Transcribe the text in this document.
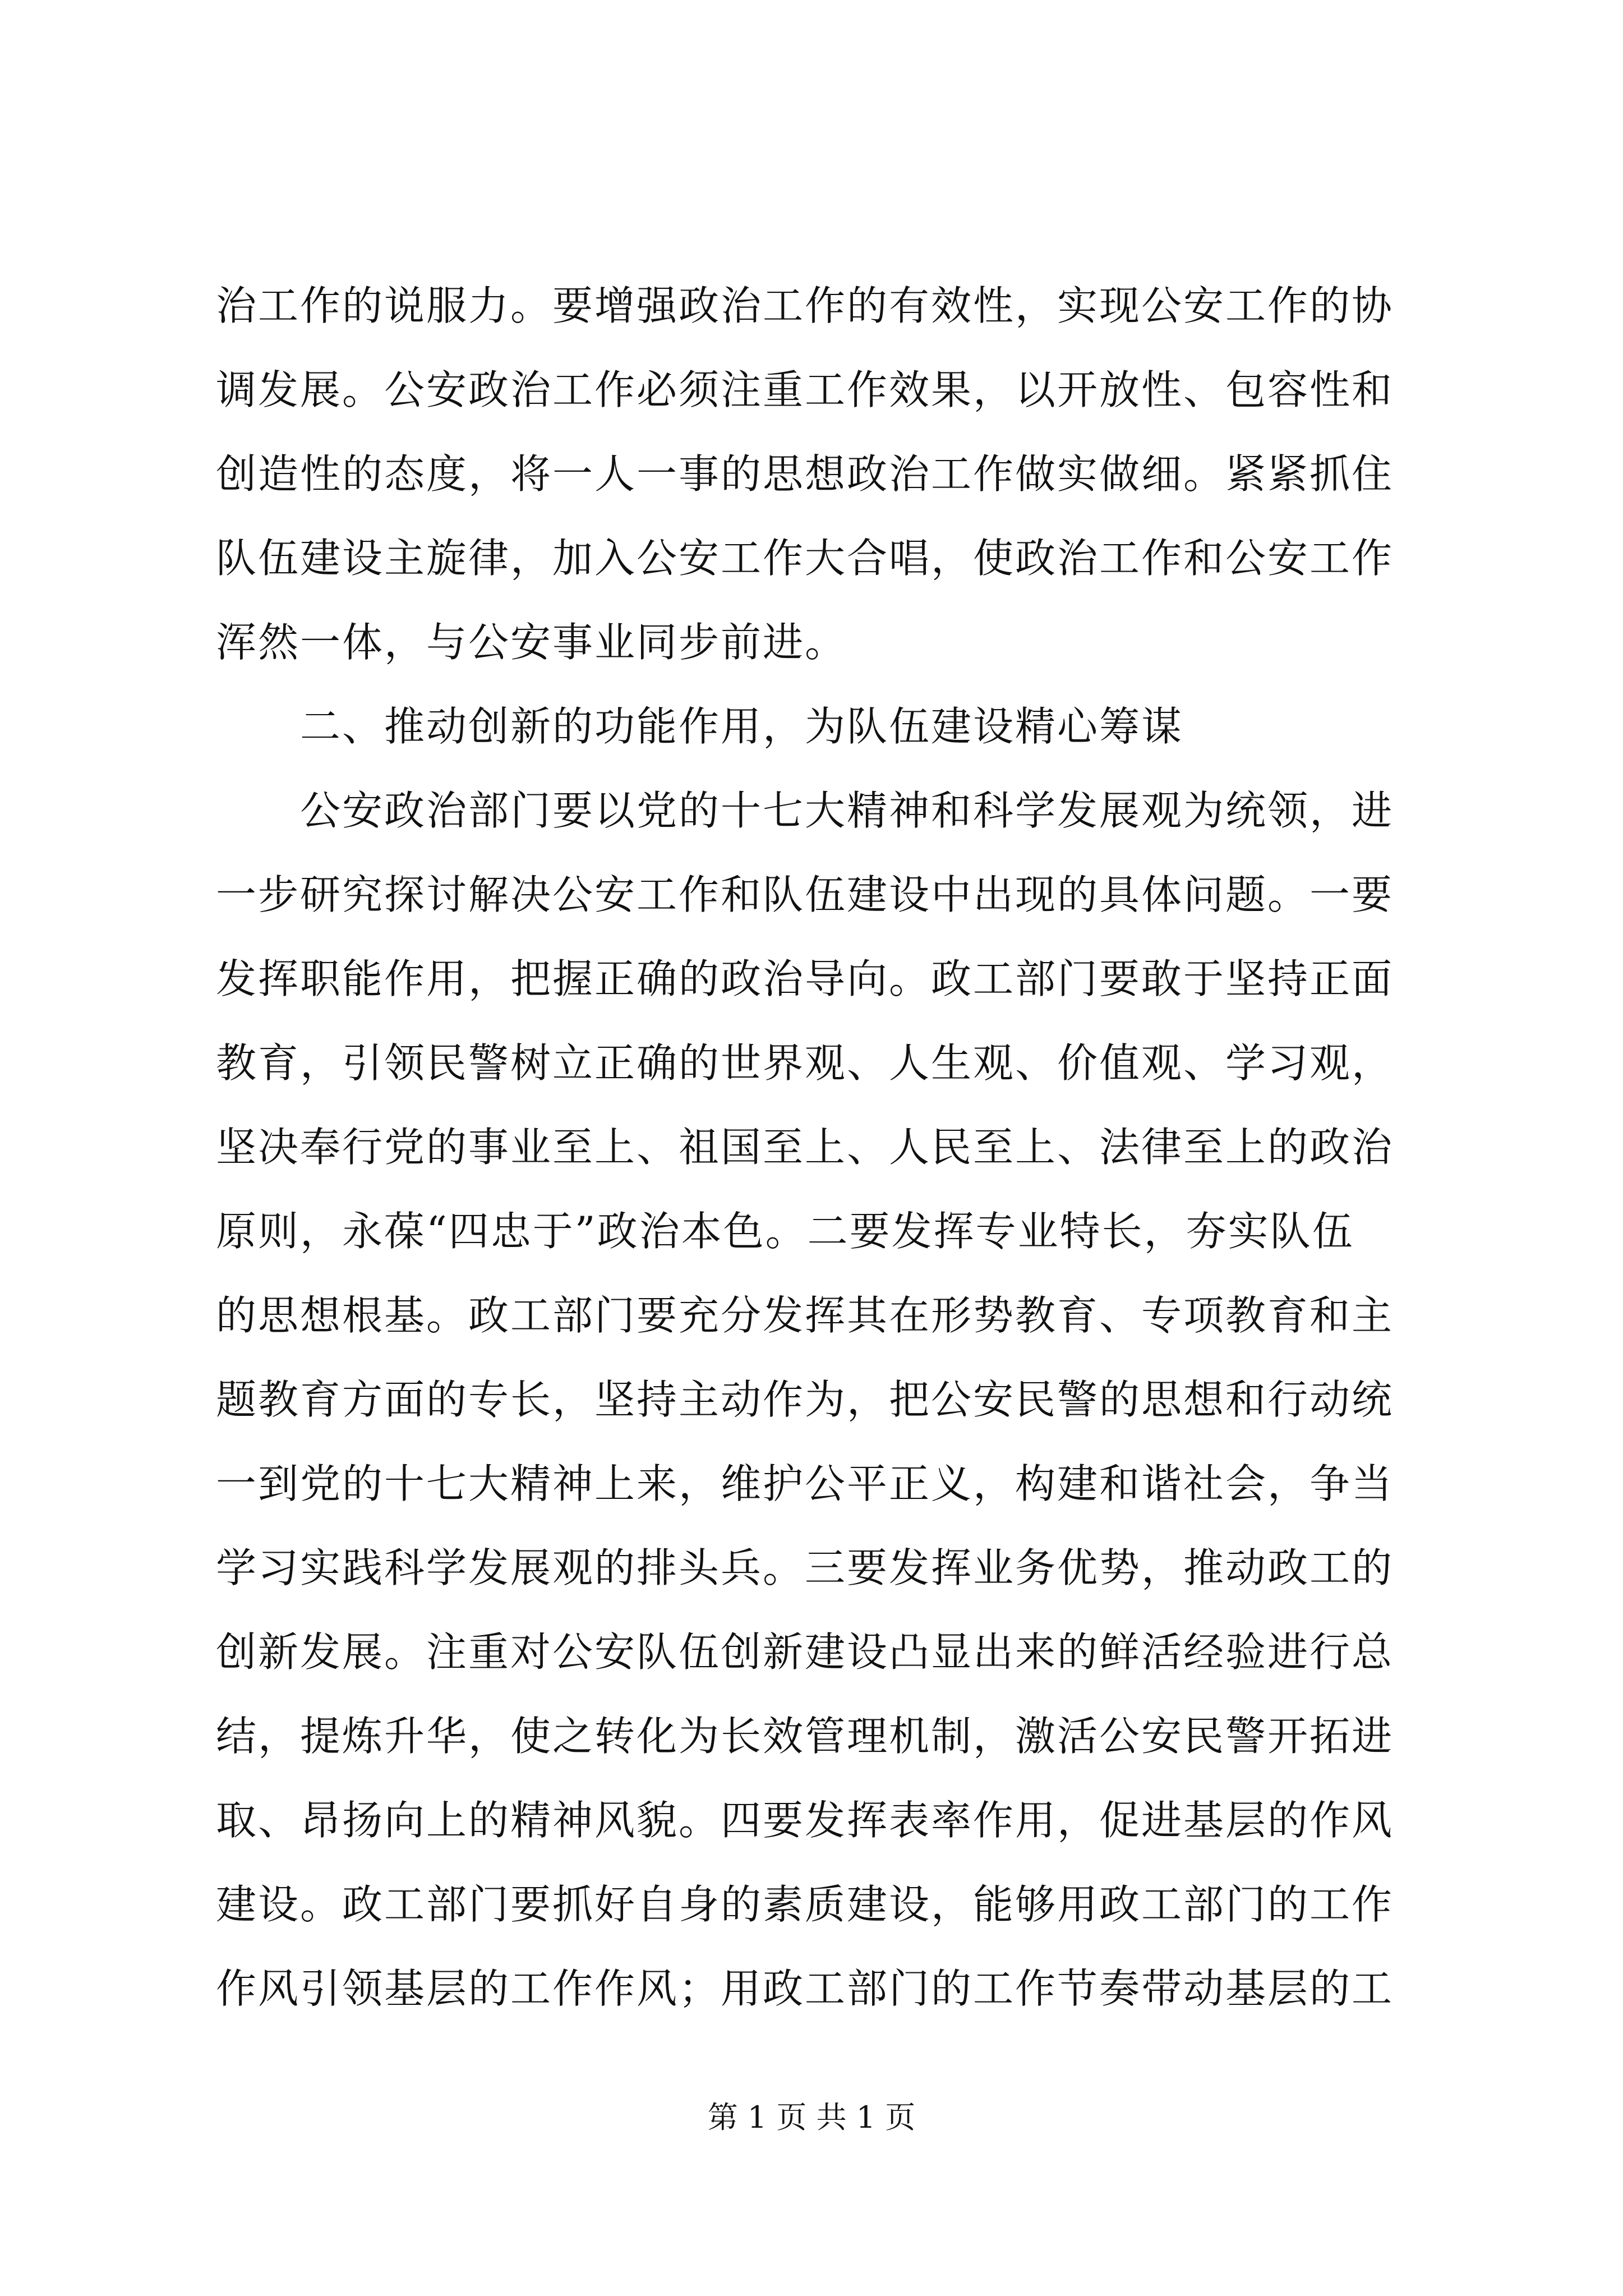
治工作的说服力。要增强政治工作的有效性，实现公安工作的协
调发展。公安政治工作必须注重工作效果，以开放性、包容性和
创造性的态度，将一人一事的思想政治工作做实做细。紧紧抓住
队伍建设主旋律，加入公安工作大合唱，使政治工作和公安工作
浑然一体，与公安事业同步前进。
二、推动创新的功能作用，为队伍建设精心筹谋
　　公安政治部门要以党的十七大精神和科学发展观为统领，进
一步研究探讨解决公安工作和队伍建设中出现的具体问题。一要
发挥职能作用，把握正确的政治导向。政工部门要敢于坚持正面
教育，引领民警树立正确的世界观、人生观、价值观、学习观，
坚决奉行党的事业至上、祖国至上、人民至上、法律至上的政治
原则，永葆“四忠于”政治本色。二要发挥专业特长，夯实队伍
的思想根基。政工部门要充分发挥其在形势教育、专项教育和主
题教育方面的专长，坚持主动作为，把公安民警的思想和行动统
一到党的十七大精神上来，维护公平正义，构建和谐社会，争当
学习实践科学发展观的排头兵。三要发挥业务优势，推动政工的
创新发展。注重对公安队伍创新建设凸显出来的鲜活经验进行总
结，提炼升华，使之转化为长效管理机制，激活公安民警开拓进
取、昂扬向上的精神风貌。四要发挥表率作用，促进基层的作风
建设。政工部门要抓好自身的素质建设，能够用政工部门的工作
作风引领基层的工作作风；用政工部门的工作节奏带动基层的工
第 1 页 共 1 页
